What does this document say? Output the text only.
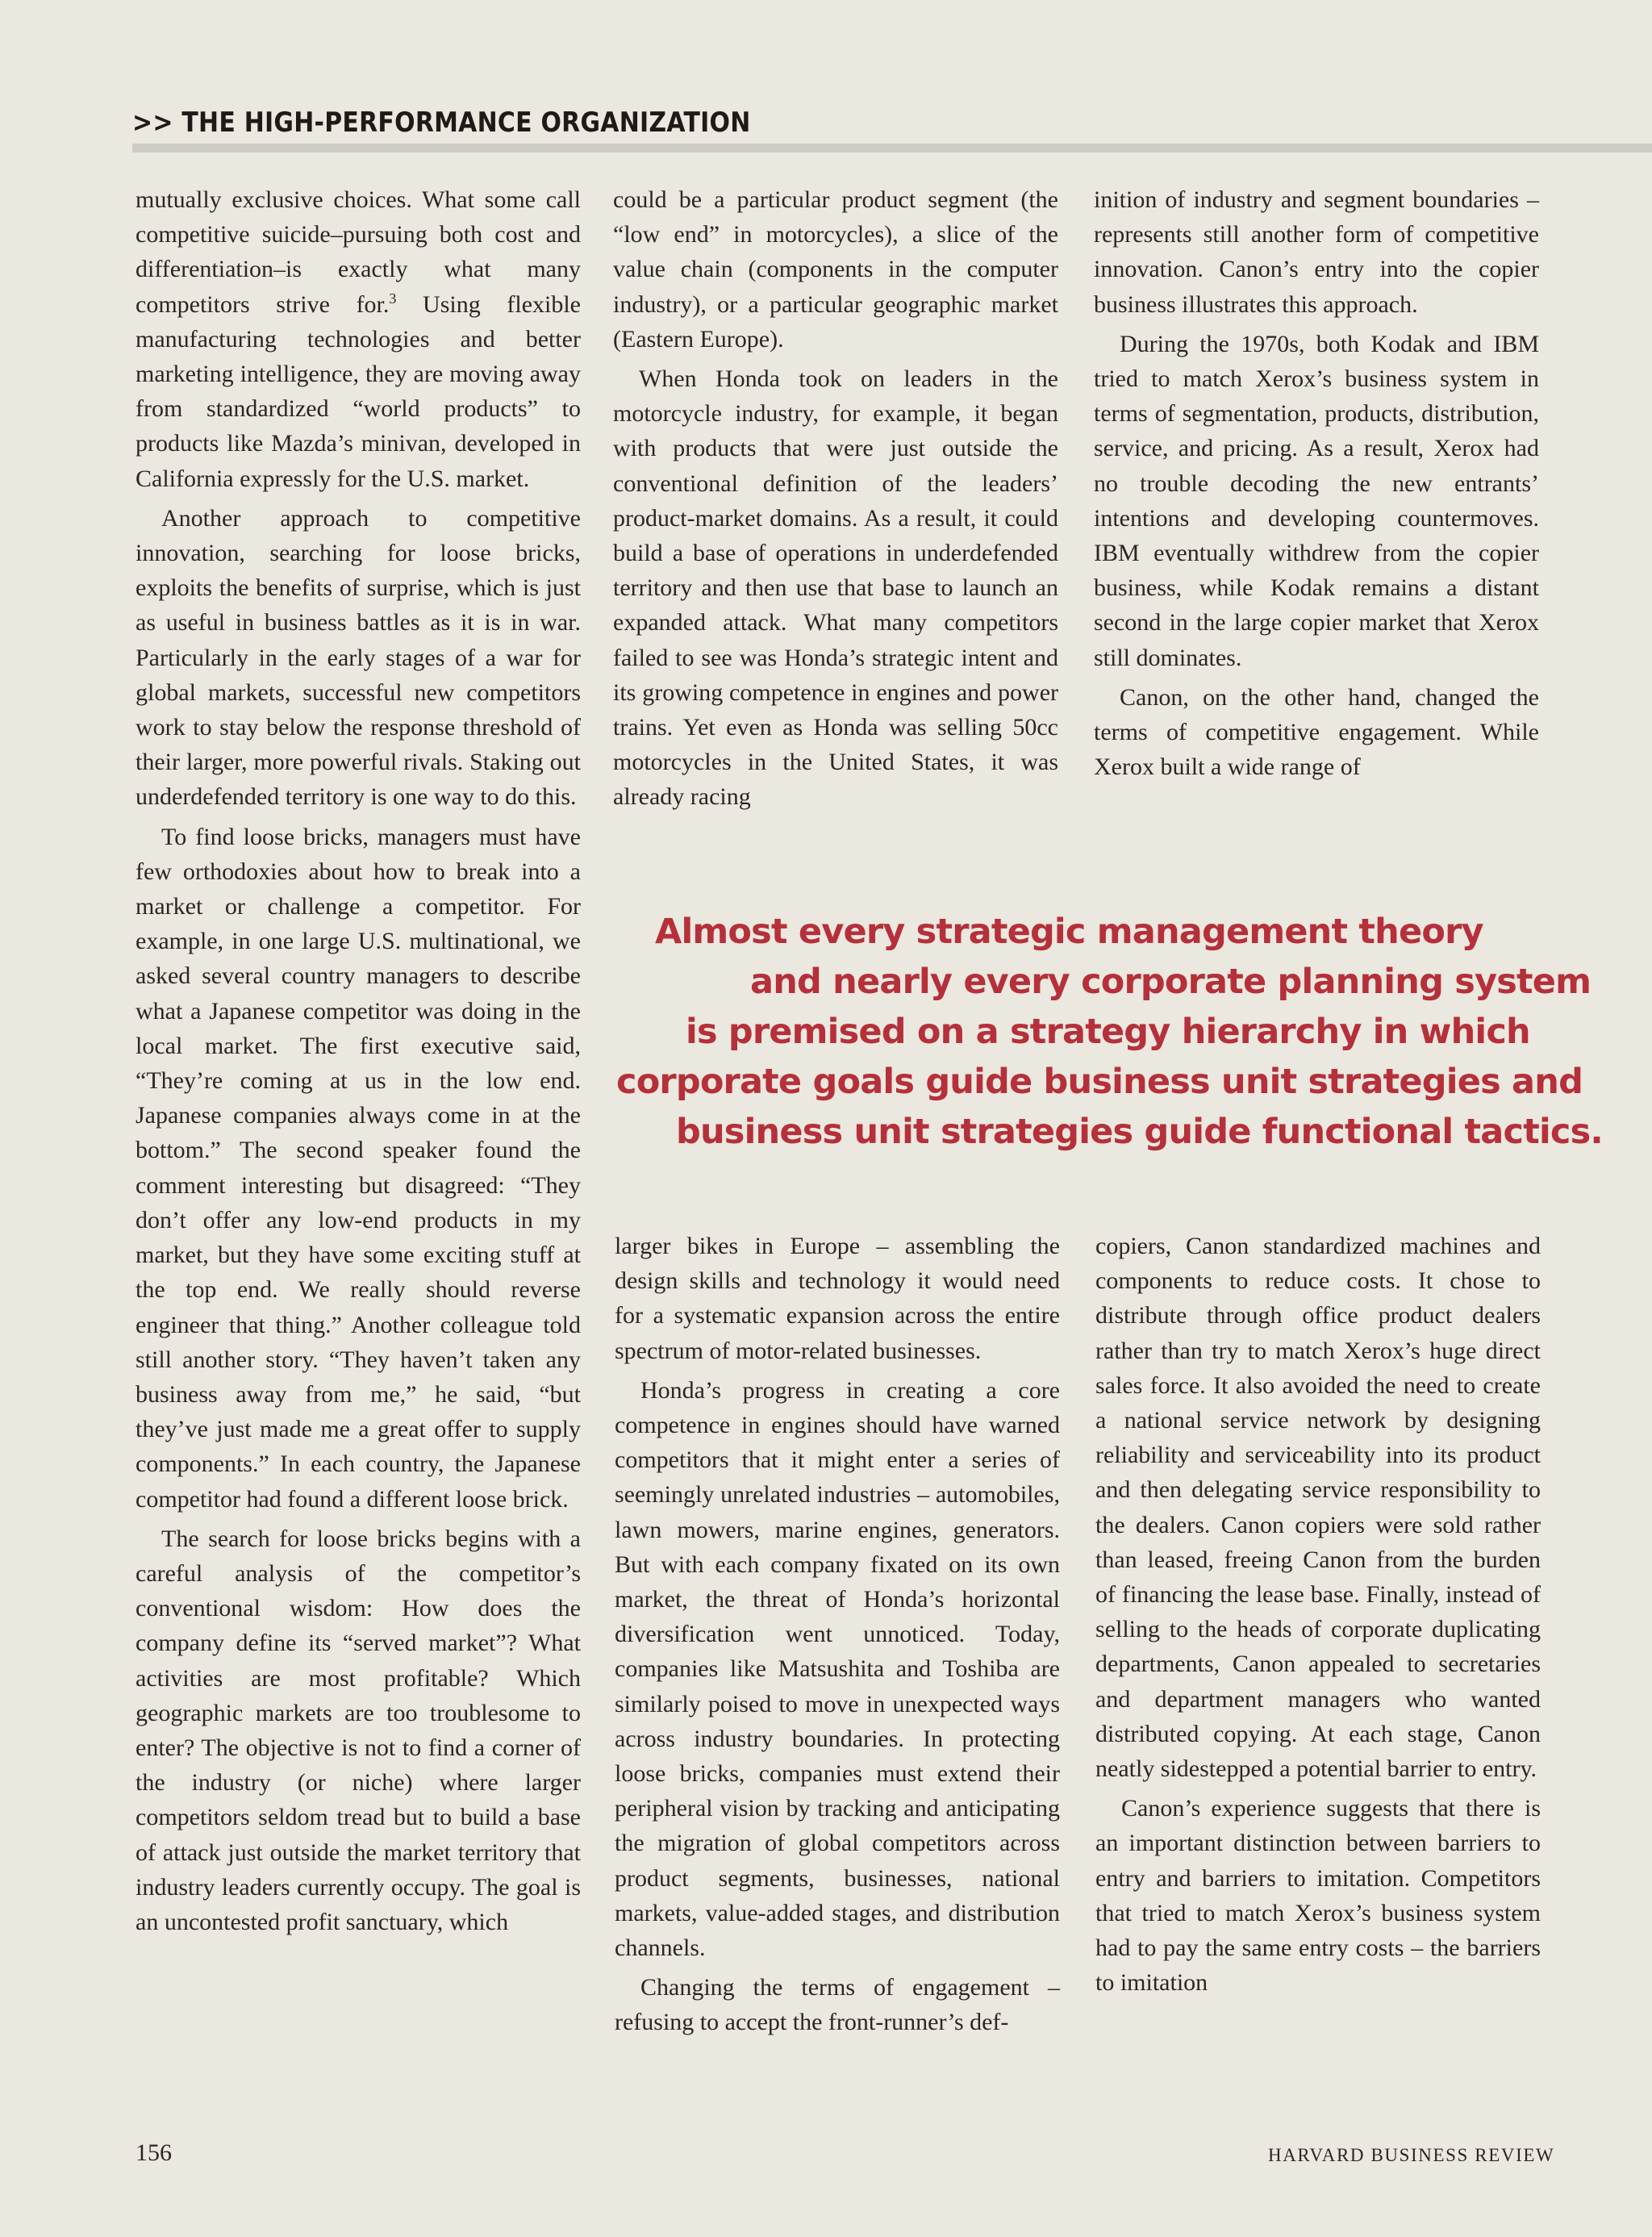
>> THE HIGH-PERFORMANCE ORGANIZATION

mutually exclusive choices. What some call competitive suicide–pursuing both cost and differentiation–is exactly what many competitors strive for.$^3$ Using flexible manufacturing technologies and better marketing intelligence, they are moving away from standardized “world products” to products like Mazda’s minivan, developed in California expressly for the U.S. market.

Another approach to competitive innovation, searching for loose bricks, exploits the benefits of surprise, which is just as useful in business battles as it is in war. Particularly in the early stages of a war for global markets, successful new competitors work to stay below the response threshold of their larger, more powerful rivals. Staking out underdefended territory is one way to do this.

To find loose bricks, managers must have few orthodoxies about how to break into a market or challenge a competitor. For example, in one large U.S. multinational, we asked several country managers to describe what a Japanese competitor was doing in the local market. The first executive said, “They’re coming at us in the low end. Japanese companies always come in at the bottom.” The second speaker found the comment interesting but disagreed: “They don’t offer any low-end products in my market, but they have some exciting stuff at the top end. We really should reverse engineer that thing.” Another colleague told still another story. “They haven’t taken any business away from me,” he said, “but they’ve just made me a great offer to supply components.” In each country, the Japanese competitor had found a different loose brick.

The search for loose bricks begins with a careful analysis of the competitor’s conventional wisdom: How does the company define its “served market”? What activities are most profitable? Which geographic markets are too troublesome to enter? The objective is not to find a corner of the industry (or niche) where larger competitors seldom tread but to build a base of attack just outside the market territory that industry leaders currently occupy. The goal is an uncontested profit sanctuary, which

could be a particular product segment (the “low end” in motorcycles), a slice of the value chain (components in the computer industry), or a particular geographic market (Eastern Europe).

When Honda took on leaders in the motorcycle industry, for example, it began with products that were just outside the conventional definition of the leaders’ product-market domains. As a result, it could build a base of operations in underdefended territory and then use that base to launch an expanded attack. What many competitors failed to see was Honda’s strategic intent and its growing competence in engines and power trains. Yet even as Honda was selling 50cc motorcycles in the United States, it was already racing

inition of industry and segment boundaries – represents still another form of competitive innovation. Canon’s entry into the copier business illustrates this approach.

During the 1970s, both Kodak and IBM tried to match Xerox’s business system in terms of segmentation, products, distribution, service, and pricing. As a result, Xerox had no trouble decoding the new entrants’ intentions and developing countermoves. IBM eventually withdrew from the copier business, while Kodak remains a distant second in the large copier market that Xerox still dominates.

Canon, on the other hand, changed the terms of competitive engagement. While Xerox built a wide range of

Almost every strategic management theory
and nearly every corporate planning system
is premised on a strategy hierarchy in which
corporate goals guide business unit strategies and
business unit strategies guide functional tactics.

larger bikes in Europe – assembling the design skills and technology it would need for a systematic expansion across the entire spectrum of motor-related businesses.

Honda’s progress in creating a core competence in engines should have warned competitors that it might enter a series of seemingly unrelated industries – automobiles, lawn mowers, marine engines, generators. But with each company fixated on its own market, the threat of Honda’s horizontal diversification went unnoticed. Today, companies like Matsushita and Toshiba are similarly poised to move in unexpected ways across industry boundaries. In protecting loose bricks, companies must extend their peripheral vision by tracking and anticipating the migration of global competitors across product segments, businesses, national markets, value-added stages, and distribution channels.

Changing the terms of engagement – refusing to accept the front-runner’s def-

copiers, Canon standardized machines and components to reduce costs. It chose to distribute through office product dealers rather than try to match Xerox’s huge direct sales force. It also avoided the need to create a national service network by designing reliability and serviceability into its product and then delegating service responsibility to the dealers. Canon copiers were sold rather than leased, freeing Canon from the burden of financing the lease base. Finally, instead of selling to the heads of corporate duplicating departments, Canon appealed to secretaries and department managers who wanted distributed copying. At each stage, Canon neatly sidestepped a potential barrier to entry.

Canon’s experience suggests that there is an important distinction between barriers to entry and barriers to imitation. Competitors that tried to match Xerox’s business system had to pay the same entry costs – the barriers to imitation

156	HARVARD BUSINESS REVIEW
